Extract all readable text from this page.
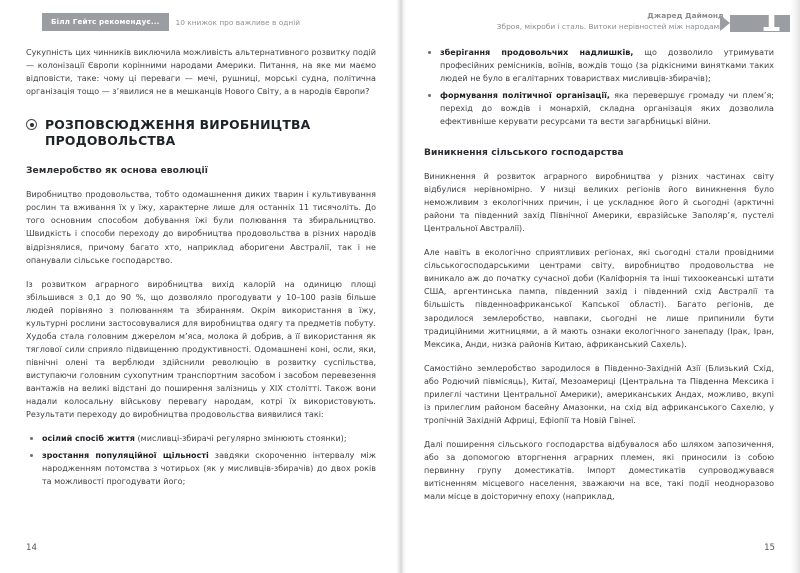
Білл Гейтс рекомендує...	10 книжок про важливе в одній

Сукупність цих чинників виключила можливість альтернативного розвитку подій — колонізації Європи корінними народами Америки. Питання, на яке ми маємо відповісти, таке: чому ці переваги — мечі, рушниці, морські судна, політична організація тощо — з’явилися не в мешканців Нового Світу, а в народів Європи?

РОЗПОВСЮДЖЕННЯ ВИРОБНИЦТВА ПРОДОВОЛЬСТВА
Землеробство як основа еволюції

Виробництво продовольства, тобто одомашнення диких тварин і культивування рослин та вживання їх у їжу, характерне лише для останніх 11 тисячоліть. До того основним способом добування їжі були полювання та збиральництво. Швидкість і способи переходу до виробництва продовольства в різних народів відрізнялися, причому багато хто, наприклад аборигени Австралії, так і не опанували сільське господарство.

Із розвитком аграрного виробництва вихід калорій на одиницю площі збільшився з 0,1 до 90 %, що дозволяло прогодувати у 10–100 разів більше людей порівняно з полюванням та збиранням. Окрім використання в їжу, культурні рослини застосовувалися для виробництва одягу та предметів побуту. Худоба стала головним джерелом м’яса, молока й добрив, а її використання як тяглової сили сприяло підвищенню продуктивності. Одомашнені коні, осли, яки, північні олені та верблюди здійснили революцію в розвитку суспільства, виступаючи головним сухопутним транспортним засобом і засобом перевезення вантажів на великі відстані до поширення залізниць у XIX столітті. Також вони надали колосальну військову перевагу народам, котрі їх використовують. Результати переходу до виробництва продовольства виявилися такі:

осілий спосіб життя (мисливці-збирачі регулярно змінюють стоянки);
зростання популяційної щільності завдяки скороченню інтервалу між народженням потомства з чотирьох (як у мисливців-збирачів) до двох років та можливості прогодувати його;
14
Джаред Даймонд
Зброя, мікроби і сталь. Витоки нерівностей між народами 1
зберігання продовольчих надлишків, що дозволило утримувати професійних ремісників, воїнів, вождів тощо (за рідкісними винятками таких людей не було в егалітарних товариствах мисливців-збирачів);
формування політичної організації, яка перевершує громаду чи плем’я; перехід до вождів і монархій, складна організація яких дозволила ефективніше керувати ресурсами та вести загарбницькі війни.
Виникнення сільського господарства

Виникнення й розвиток аграрного виробництва у різних частинах світу відбулися нерівномірно. У низці великих регіонів його виникнення було неможливим з екологічних причин, і це ускладнює його й сьогодні (арктичні райони та південний захід Північної Америки, євразійське Заполяр’я, пустелі Центральної Австралії).

Але навіть в екологічно сприятливих регіонах, які сьогодні стали провідними сільськогосподарськими центрами світу, виробництво продовольства не виникало аж до початку сучасної доби (Каліфорнія та інші тихоокеанські штати США, аргентинська пампа, південний захід і південний схід Австралії та більшість південноафриканської Капської області). Багато регіонів, де зародилося землеробство, навпаки, сьогодні не лише припинили бути традиційними житницями, а й мають ознаки екологічного занепаду (Ірак, Іран, Мексика, Анди, низка районів Китаю, африканський Сахель).

Самостійно землеробство зародилося в Південно-Західній Азії (Близький Схід, або Родючий півмісяць), Китаї, Мезоамериці (Центральна та Південна Мексика і прилеглі частини Центральної Америки), американських Андах, можливо, вкупі із прилеглим районом басейну Амазонки, на схід від африканського Сахелю, у тропічній Західній Африці, Ефіопії та Новій Гвінеї.

Далі поширення сільського господарства відбувалося або шляхом запозичення, або за допомогою вторгнення аграрних племен, які приносили із собою первинну групу доместикатів. Імпорт доместикатів супроводжувався витісненням місцевого населення, зважаючи на все, такі події неодноразово мали місце в доісторичну епоху (наприклад,

15
